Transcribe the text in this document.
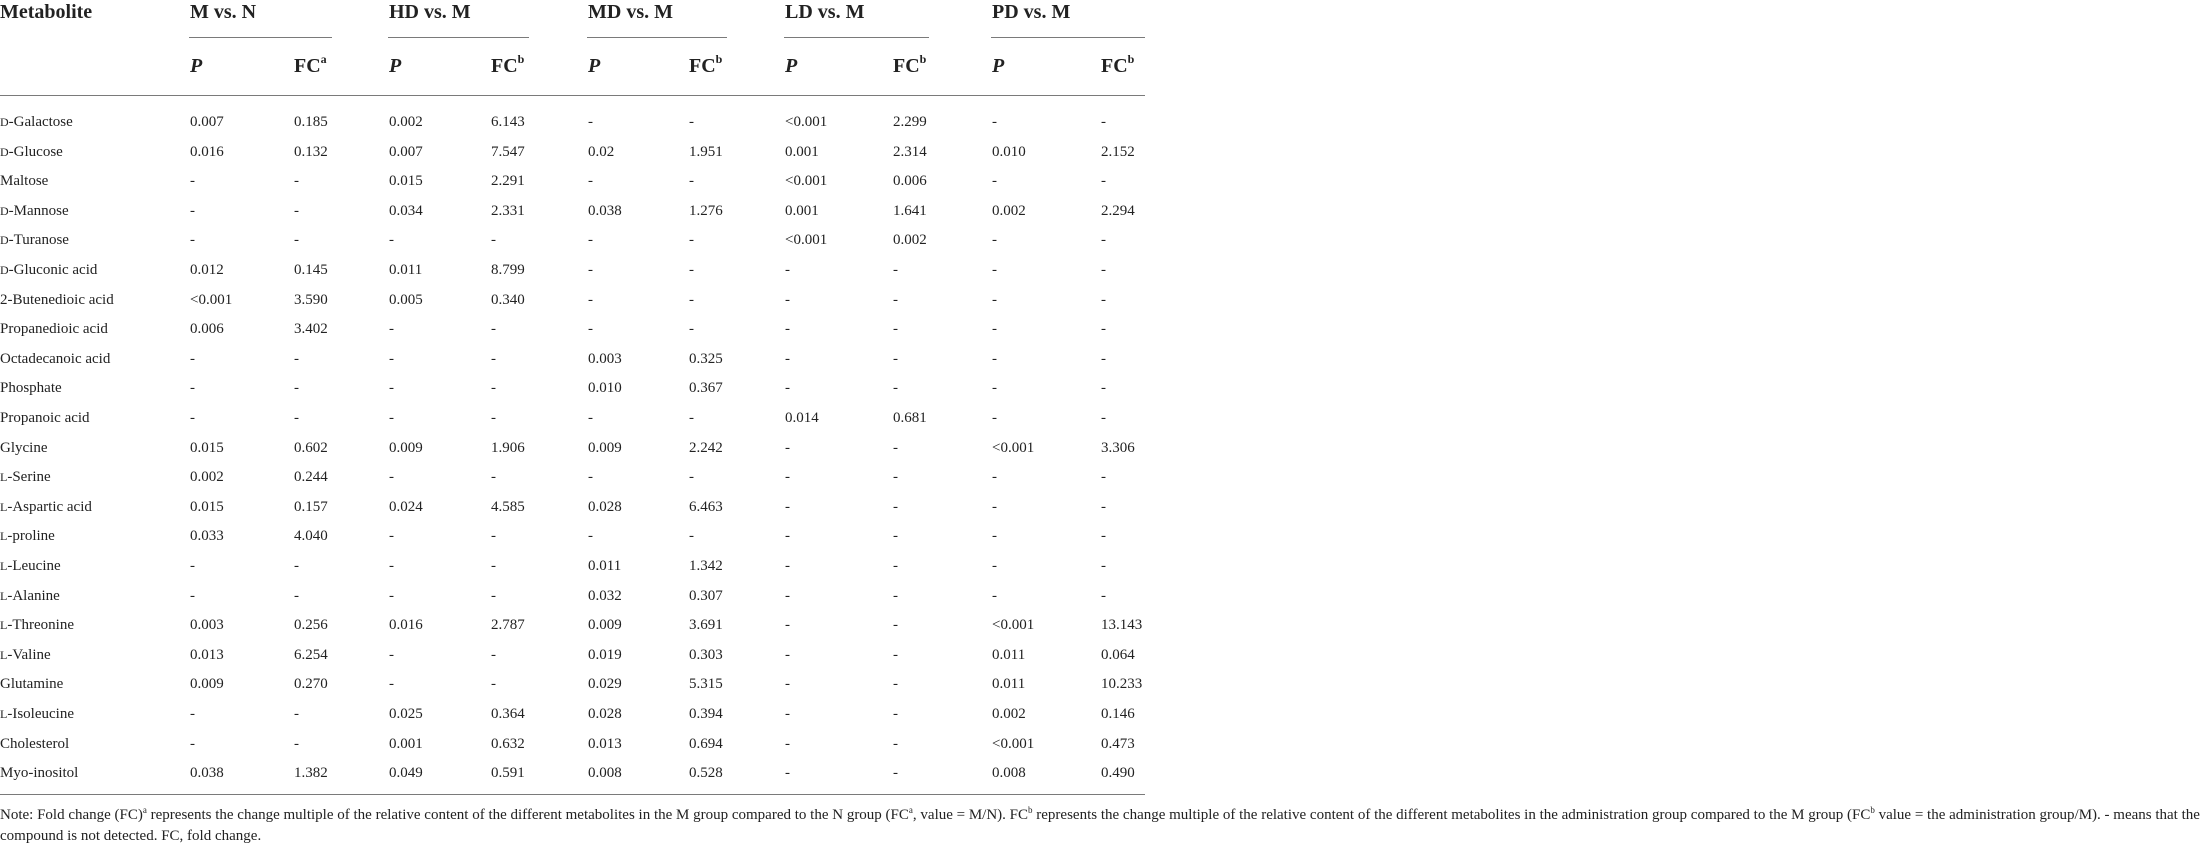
Metabolite	M vs. N	HD vs. M	MD vs. M	LD vs. M	PD vs. M
P	$FC^a$	P	$FC^b$	P	$FC^b$	P	$FC^b$	P	$FC^b$
D-Galactose	0.007	0.185	0.002	6.143	-	-	<0.001	2.299	-	-
D-Glucose	0.016	0.132	0.007	7.547	0.02	1.951	0.001	2.314	0.010	2.152
Maltose	-	-	0.015	2.291	-	-	<0.001	0.006	-	-
D-Mannose	-	-	0.034	2.331	0.038	1.276	0.001	1.641	0.002	2.294
D-Turanose	-	-	-	-	-	-	<0.001	0.002	-	-
D-Gluconic acid	0.012	0.145	0.011	8.799	-	-	-	-	-	-
2-Butenedioic acid	<0.001	3.590	0.005	0.340	-	-	-	-	-	-
Propanedioic acid	0.006	3.402	-	-	-	-	-	-	-	-
Octadecanoic acid	-	-	-	-	0.003	0.325	-	-	-	-
Phosphate	-	-	-	-	0.010	0.367	-	-	-	-
Propanoic acid	-	-	-	-	-	-	0.014	0.681	-	-
Glycine	0.015	0.602	0.009	1.906	0.009	2.242	-	-	<0.001	3.306
L-Serine	0.002	0.244	-	-	-	-	-	-	-	-
L-Aspartic acid	0.015	0.157	0.024	4.585	0.028	6.463	-	-	-	-
L-proline	0.033	4.040	-	-	-	-	-	-	-	-
L-Leucine	-	-	-	-	0.011	1.342	-	-	-	-
L-Alanine	-	-	-	-	0.032	0.307	-	-	-	-
L-Threonine	0.003	0.256	0.016	2.787	0.009	3.691	-	-	<0.001	13.143
L-Valine	0.013	6.254	-	-	0.019	0.303	-	-	0.011	0.064
Glutamine	0.009	0.270	-	-	0.029	5.315	-	-	0.011	10.233
L-Isoleucine	-	-	0.025	0.364	0.028	0.394	-	-	0.002	0.146
Cholesterol	-	-	0.001	0.632	0.013	0.694	-	-	<0.001	0.473
Myo-inositol	0.038	1.382	0.049	0.591	0.008	0.528	-	-	0.008	0.490
Note: Fold change (FC)$^a$ represents the change multiple of the relative content of the different metabolites in the M group compared to the N group ($FC^a$, value = M/N). $FC^b$ represents the change multiple of the relative content of the different metabolites in the administration group compared to the M group ($FC^b$ value = the administration group/M). - means that the
compound is not detected. FC, fold change.
